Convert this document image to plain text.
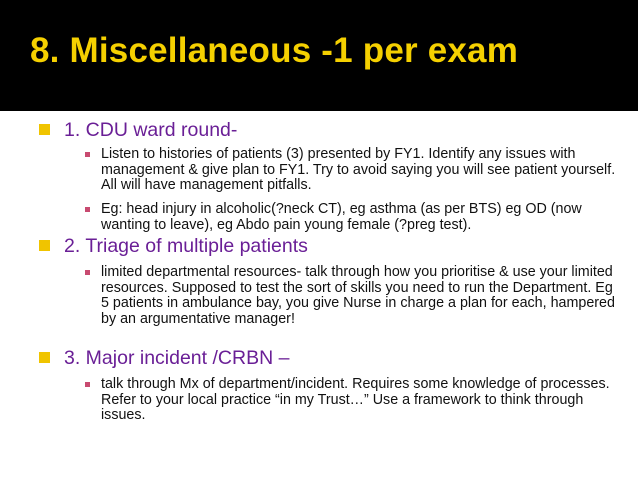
8. Miscellaneous -1 per exam
1. CDU ward round-
Listen to histories of patients (3) presented by FY1. Identify any issues with management & give plan to FY1. Try to avoid saying you will see patient yourself. All will have management pitfalls.
Eg: head injury in alcoholic(?neck CT), eg asthma (as per BTS) eg OD (now wanting to leave), eg Abdo pain young female (?preg test).
2. Triage of multiple patients
limited departmental resources- talk through how you prioritise & use your limited resources. Supposed to test the sort of skills you need to run the Department. Eg 5 patients in ambulance bay, you give Nurse in charge a plan for each, hampered by an argumentative manager!
3. Major incident /CRBN –
talk through Mx of department/incident. Requires some knowledge of processes. Refer to your local practice “in my Trust…” Use a framework to think through issues.
